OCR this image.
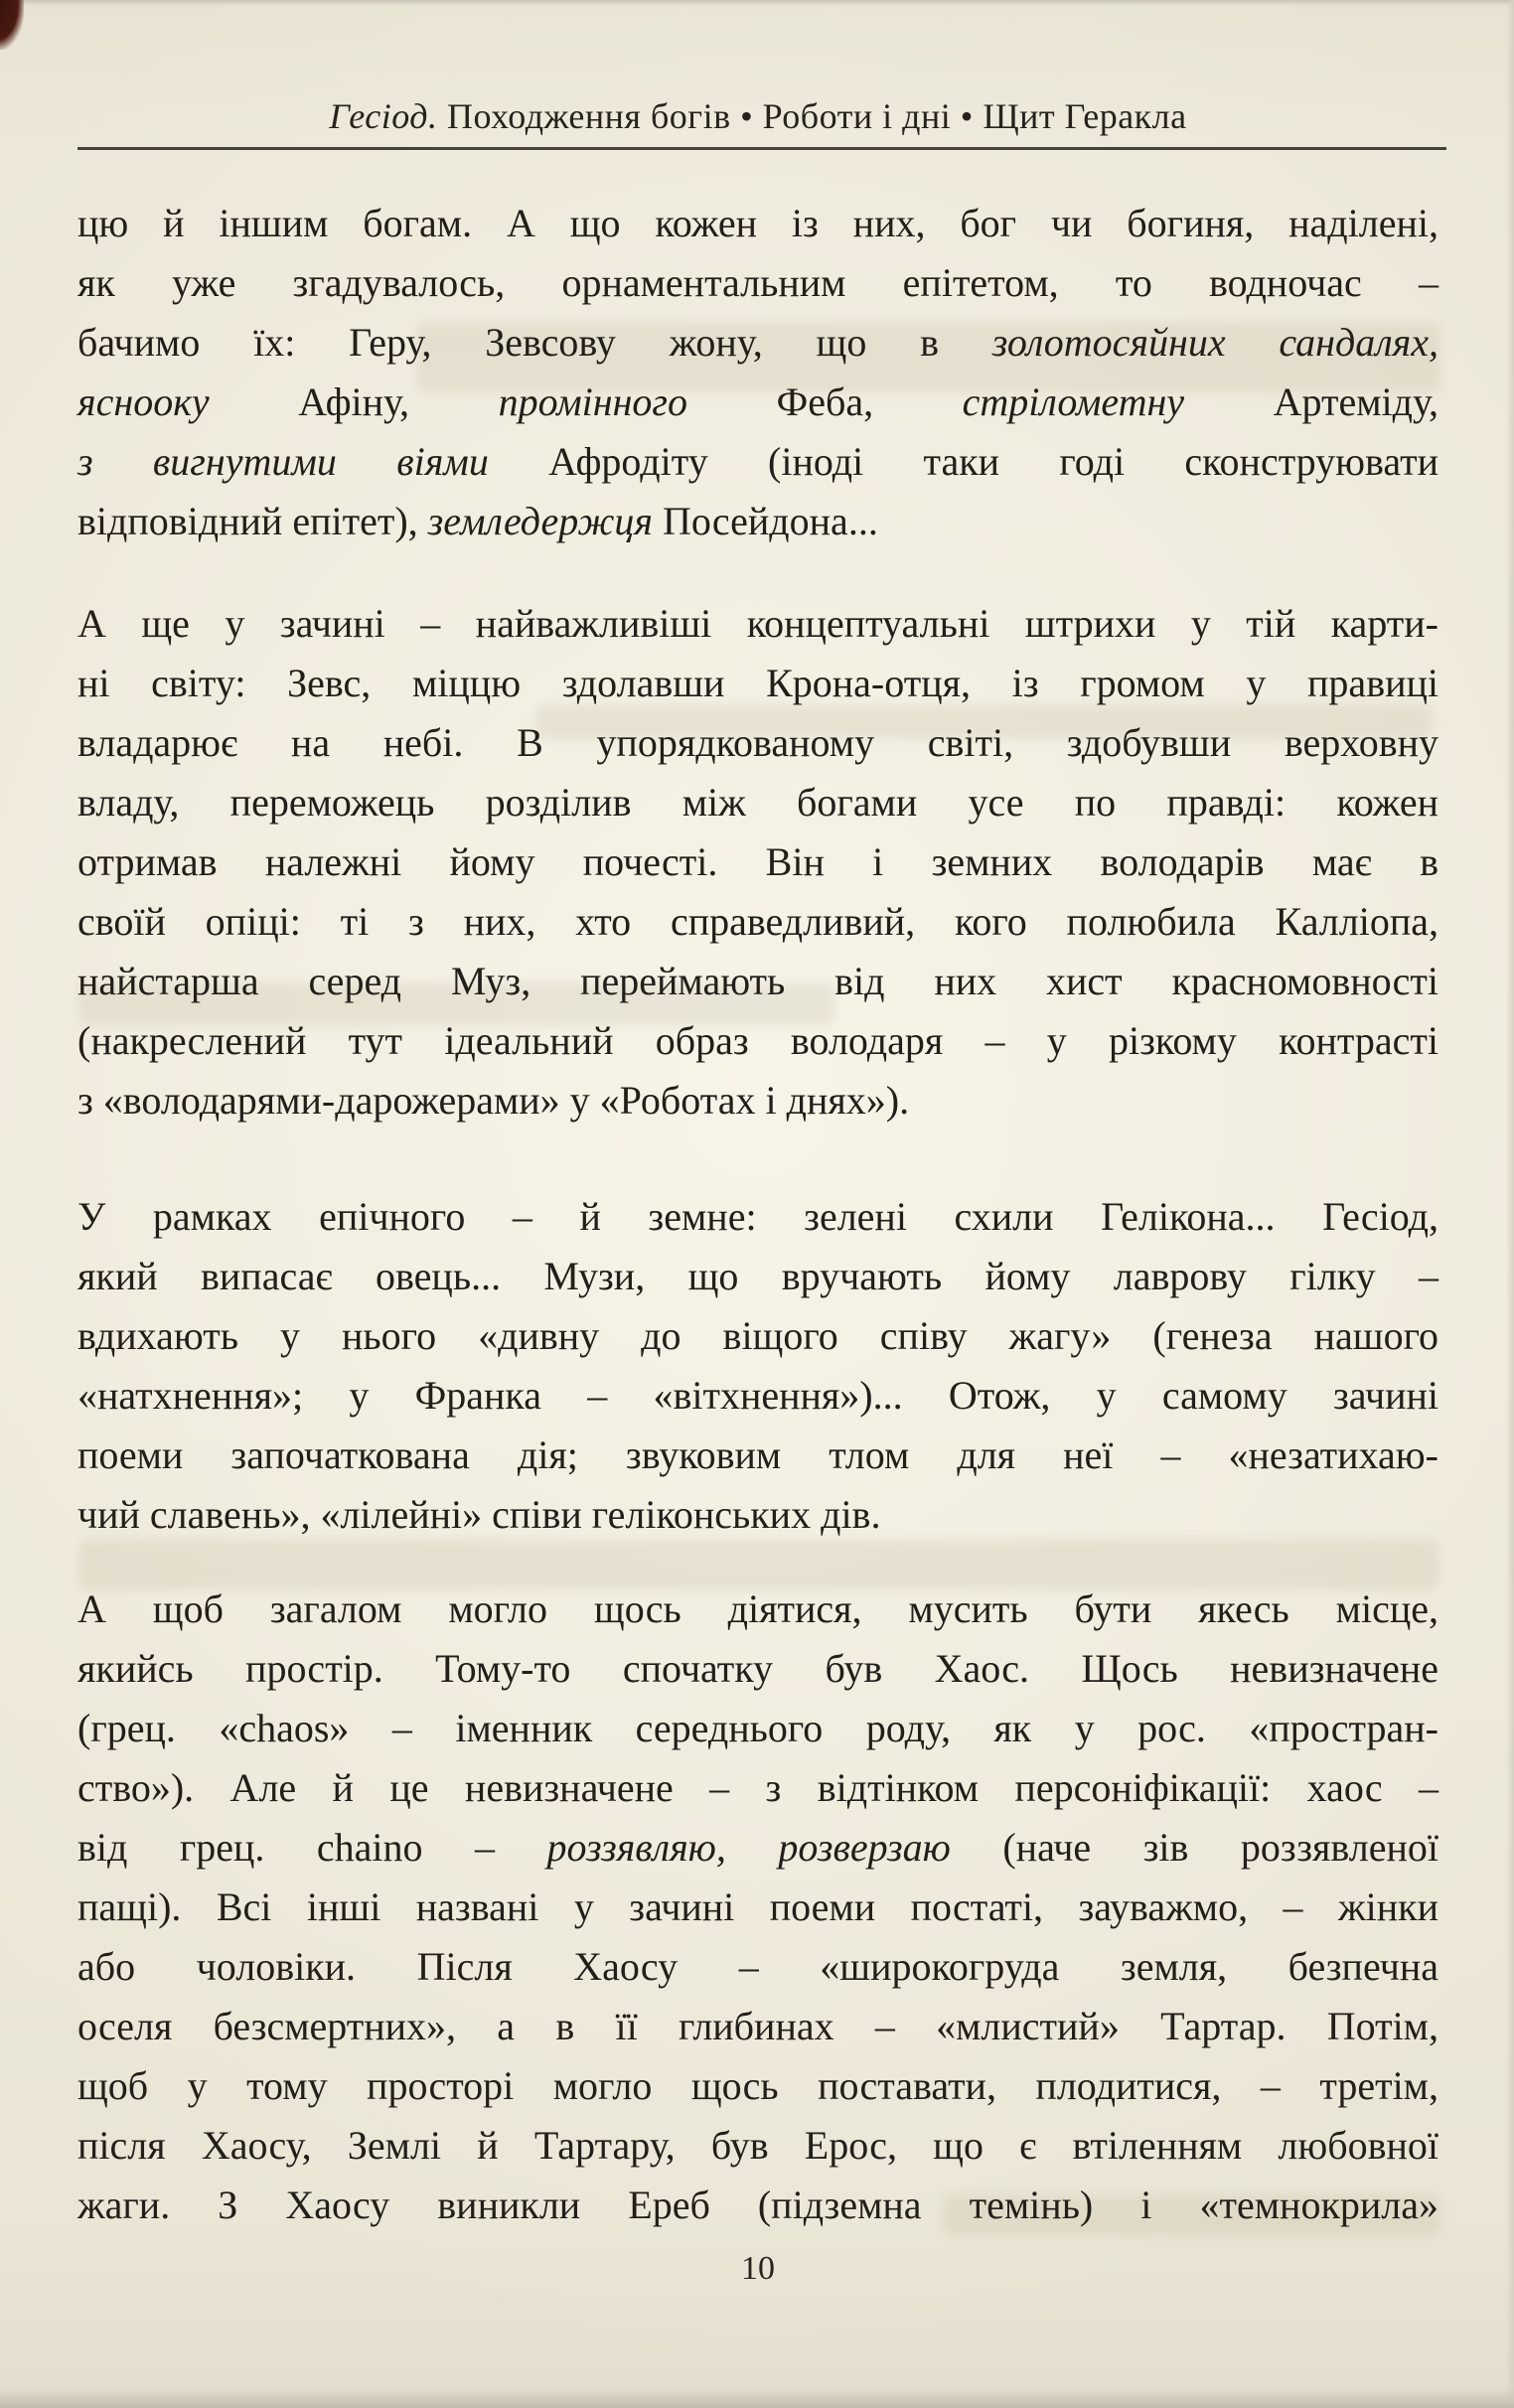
Гесіод. Походження богів • Роботи і дні • Щит Геракла
цю й іншим богам. А що кожен із них, бог чи богиня, наділені,
як уже згадувалось, орнаментальним епітетом, то водночас –
бачимо їх: Геру, Зевсову жону, що в золотосяйних сандалях,
яснооку Афіну, промінного Феба, стрілометну Артеміду,
з вигнутими віями Афродіту (іноді таки годі сконструювати
відповідний епітет), земледержця Посейдона...
А ще у зачині – найважливіші концептуальні штрихи у тій карти-
ні світу: Зевс, міццю здолавши Крона-отця, із громом у правиці
владарює на небі. В упорядкованому світі, здобувши верховну
владу, переможець розділив між богами усе по правді: кожен
отримав належні йому почесті. Він і земних володарів має в
своїй опіці: ті з них, хто справедливий, кого полюбила Калліопа,
найстарша серед Муз, переймають від них хист красномовності
(накреслений тут ідеальний образ володаря – у різкому контрасті
з «володарями-дарожерами» у «Роботах і днях»).
У рамках епічного – й земне: зелені схили Гелікона... Гесіод,
який випасає овець... Музи, що вручають йому лаврову гілку –
вдихають у нього «дивну до віщого співу жагу» (генеза нашого
«натхнення»; у Франка – «вітхнення»)... Отож, у самому зачині
поеми започаткована дія; звуковим тлом для неї – «незатихаю-
чий славень», «лілейні» співи геліконських дів.
А щоб загалом могло щось діятися, мусить бути якесь місце,
якийсь простір. Тому-то спочатку був Хаос. Щось невизначене
(грец. «chaos» – іменник середнього роду, як у рос. «простран-
ство»). Але й це невизначене – з відтінком персоніфікації: хаос –
від грец. chaino – роззявляю, розверзаю (наче зів роззявленої
пащі). Всі інші названі у зачині поеми постаті, зауважмо, – жінки
або чоловіки. Після Хаосу – «широкогруда земля, безпечна
оселя безсмертних», а в її глибинах – «млистий» Тартар. Потім,
щоб у тому просторі могло щось поставати, плодитися, – третім,
після Хаосу, Землі й Тартару, був Ерос, що є втіленням любовної
жаги. З Хаосу виникли Ереб (підземна темінь) і «темнокрила»
10
